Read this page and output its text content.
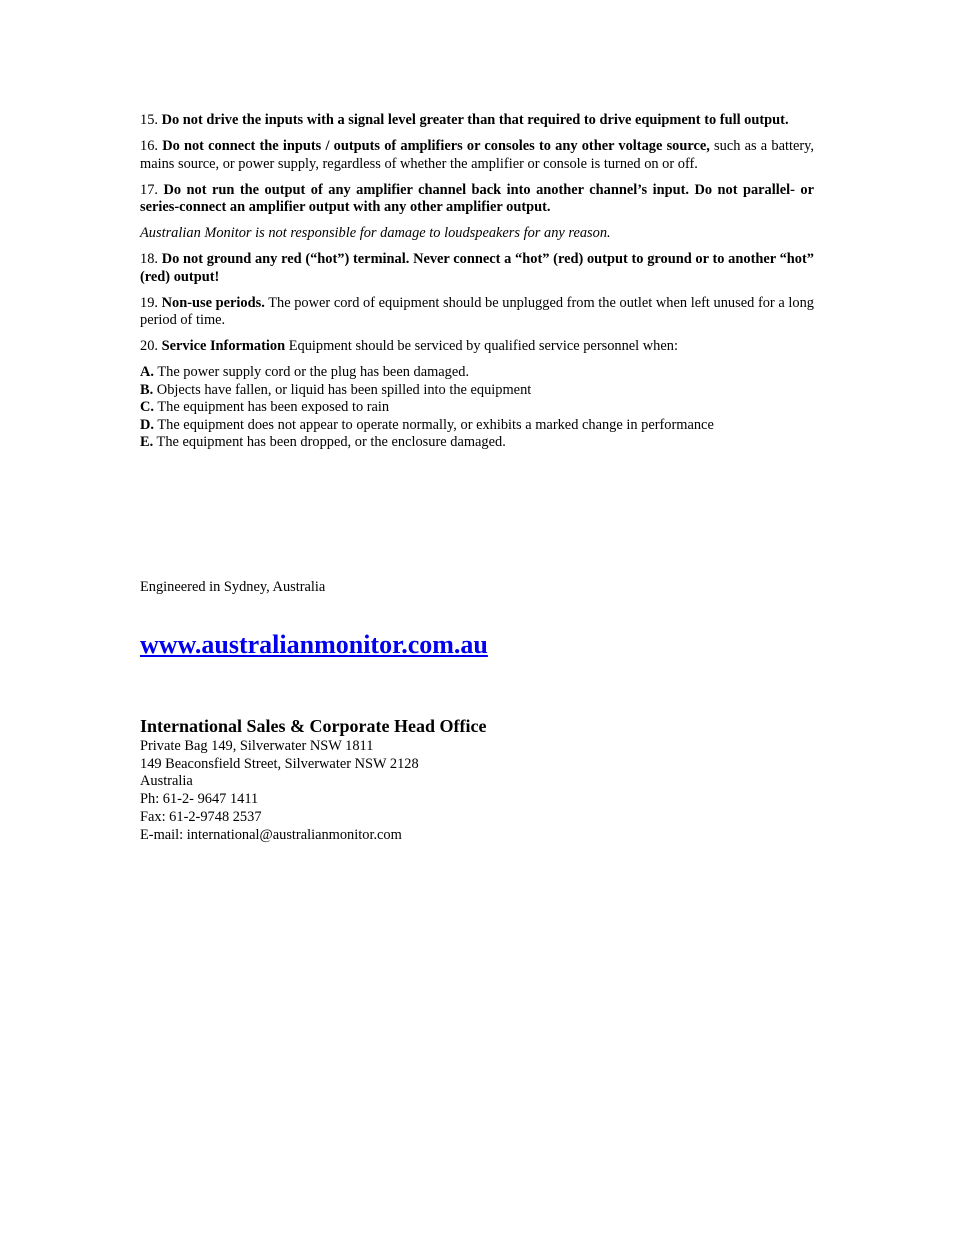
15. Do not drive the inputs with a signal level greater than that required to drive equipment to full output.

16. Do not connect the inputs / outputs of amplifiers or consoles to any other voltage source, such as a battery, mains source, or power supply, regardless of whether the amplifier or console is turned on or off.

17. Do not run the output of any amplifier channel back into another channel’s input. Do not parallel- or series-connect an amplifier output with any other amplifier output.

Australian Monitor is not responsible for damage to loudspeakers for any reason.

18. Do not ground any red (“hot”) terminal. Never connect a “hot” (red) output to ground or to another “hot” (red) output!

19. Non-use periods. The power cord of equipment should be unplugged from the outlet when left unused for a long period of time.

20. Service Information Equipment should be serviced by qualified service personnel when:

A. The power supply cord or the plug has been damaged.
B. Objects have fallen, or liquid has been spilled into the equipment
C. The equipment has been exposed to rain
D. The equipment does not appear to operate normally, or exhibits a marked change in performance
E. The equipment has been dropped, or the enclosure damaged.
Engineered in Sydney, Australia
www.australianmonitor.com.au
International Sales & Corporate Head Office
Private Bag 149, Silverwater NSW 1811
149 Beaconsfield Street, Silverwater NSW 2128
Australia
Ph: 61-2- 9647 1411
Fax: 61-2-9748 2537
E-mail: international@australianmonitor.com
